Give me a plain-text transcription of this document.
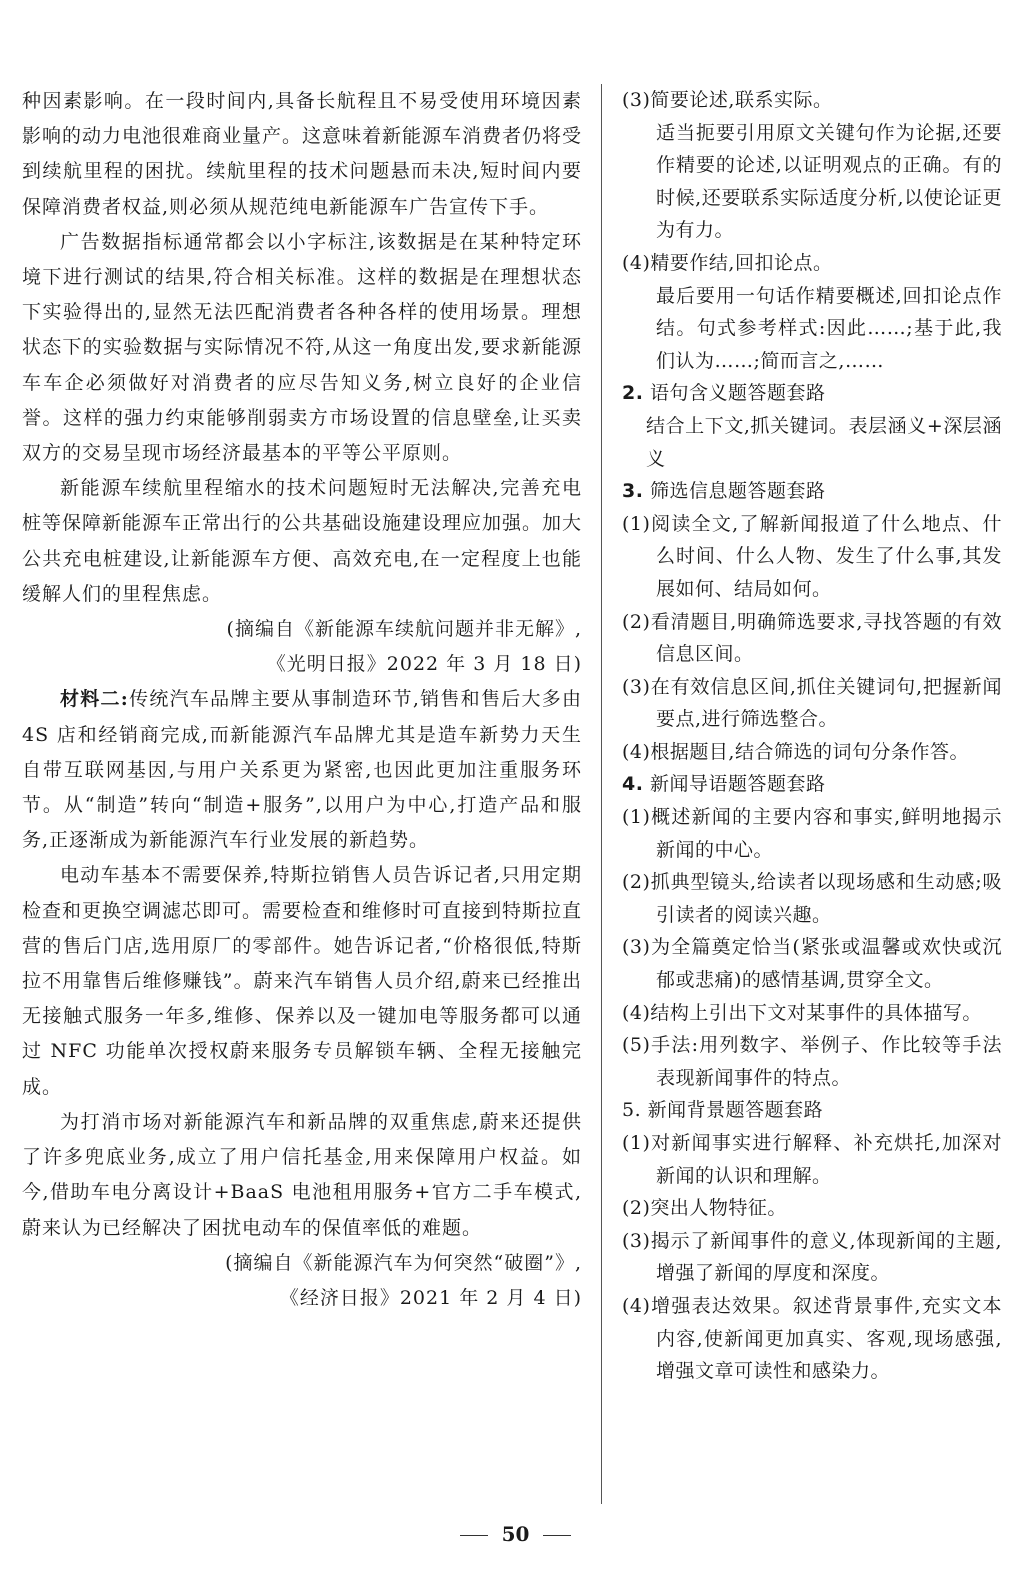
种因素影响。在一段时间内,具备长航程且不易受使用环境因素影响的动力电池很难商业量产。这意味着新能源车消费者仍将受到续航里程的困扰。续航里程的技术问题悬而未决,短时间内要保障消费者权益,则必须从规范纯电新能源车广告宣传下手。

广告数据指标通常都会以小字标注,该数据是在某种特定环境下进行测试的结果,符合相关标准。这样的数据是在理想状态下实验得出的,显然无法匹配消费者各种各样的使用场景。理想状态下的实验数据与实际情况不符,从这一角度出发,要求新能源车车企必须做好对消费者的应尽告知义务,树立良好的企业信誉。这样的强力约束能够削弱卖方市场设置的信息壁垒,让买卖双方的交易呈现市场经济最基本的平等公平原则。

新能源车续航里程缩水的技术问题短时无法解决,完善充电桩等保障新能源车正常出行的公共基础设施建设理应加强。加大公共充电桩建设,让新能源车方便、高效充电,在一定程度上也能缓解人们的里程焦虑。

(摘编自《新能源车续航问题并非无解》,

《光明日报》2022 年 3 月 18 日)

材料二:传统汽车品牌主要从事制造环节,销售和售后大多由 4S 店和经销商完成,而新能源汽车品牌尤其是造车新势力天生自带互联网基因,与用户关系更为紧密,也因此更加注重服务环节。从“制造”转向“制造+服务”,以用户为中心,打造产品和服务,正逐渐成为新能源汽车行业发展的新趋势。

电动车基本不需要保养,特斯拉销售人员告诉记者,只用定期检查和更换空调滤芯即可。需要检查和维修时可直接到特斯拉直营的售后门店,选用原厂的零部件。她告诉记者,“价格很低,特斯拉不用靠售后维修赚钱”。蔚来汽车销售人员介绍,蔚来已经推出无接触式服务一年多,维修、保养以及一键加电等服务都可以通过 NFC 功能单次授权蔚来服务专员解锁车辆、全程无接触完成。

为打消市场对新能源汽车和新品牌的双重焦虑,蔚来还提供了许多兜底业务,成立了用户信托基金,用来保障用户权益。如今,借助车电分离设计+BaaS 电池租用服务+官方二手车模式,蔚来认为已经解决了困扰电动车的保值率低的难题。

(摘编自《新能源汽车为何突然“破圈”》,

《经济日报》2021 年 2 月 4 日)

(3)简要论述,联系实际。

适当扼要引用原文关键句作为论据,还要作精要的论述,以证明观点的正确。有的时候,还要联系实际适度分析,以使论证更为有力。

(4)精要作结,回扣论点。

最后要用一句话作精要概述,回扣论点作结。句式参考样式:因此……;基于此,我们认为……;简而言之,……

2. 语句含义题答题套路

结合上下文,抓关键词。表层涵义+深层涵义

3. 筛选信息题答题套路

(1)阅读全文,了解新闻报道了什么地点、什么时间、什么人物、发生了什么事,其发展如何、结局如何。

(2)看清题目,明确筛选要求,寻找答题的有效信息区间。

(3)在有效信息区间,抓住关键词句,把握新闻要点,进行筛选整合。

(4)根据题目,结合筛选的词句分条作答。

4. 新闻导语题答题套路

(1)概述新闻的主要内容和事实,鲜明地揭示新闻的中心。

(2)抓典型镜头,给读者以现场感和生动感;吸引读者的阅读兴趣。

(3)为全篇奠定恰当(紧张或温馨或欢快或沉郁或悲痛)的感情基调,贯穿全文。

(4)结构上引出下文对某事件的具体描写。

(5)手法:用列数字、举例子、作比较等手法表现新闻事件的特点。

5. 新闻背景题答题套路

(1)对新闻事实进行解释、补充烘托,加深对新闻的认识和理解。

(2)突出人物特征。

(3)揭示了新闻事件的意义,体现新闻的主题,增强了新闻的厚度和深度。

(4)增强表达效果。叙述背景事件,充实文本内容,使新闻更加真实、客观,现场感强,增强文章可读性和感染力。

50
